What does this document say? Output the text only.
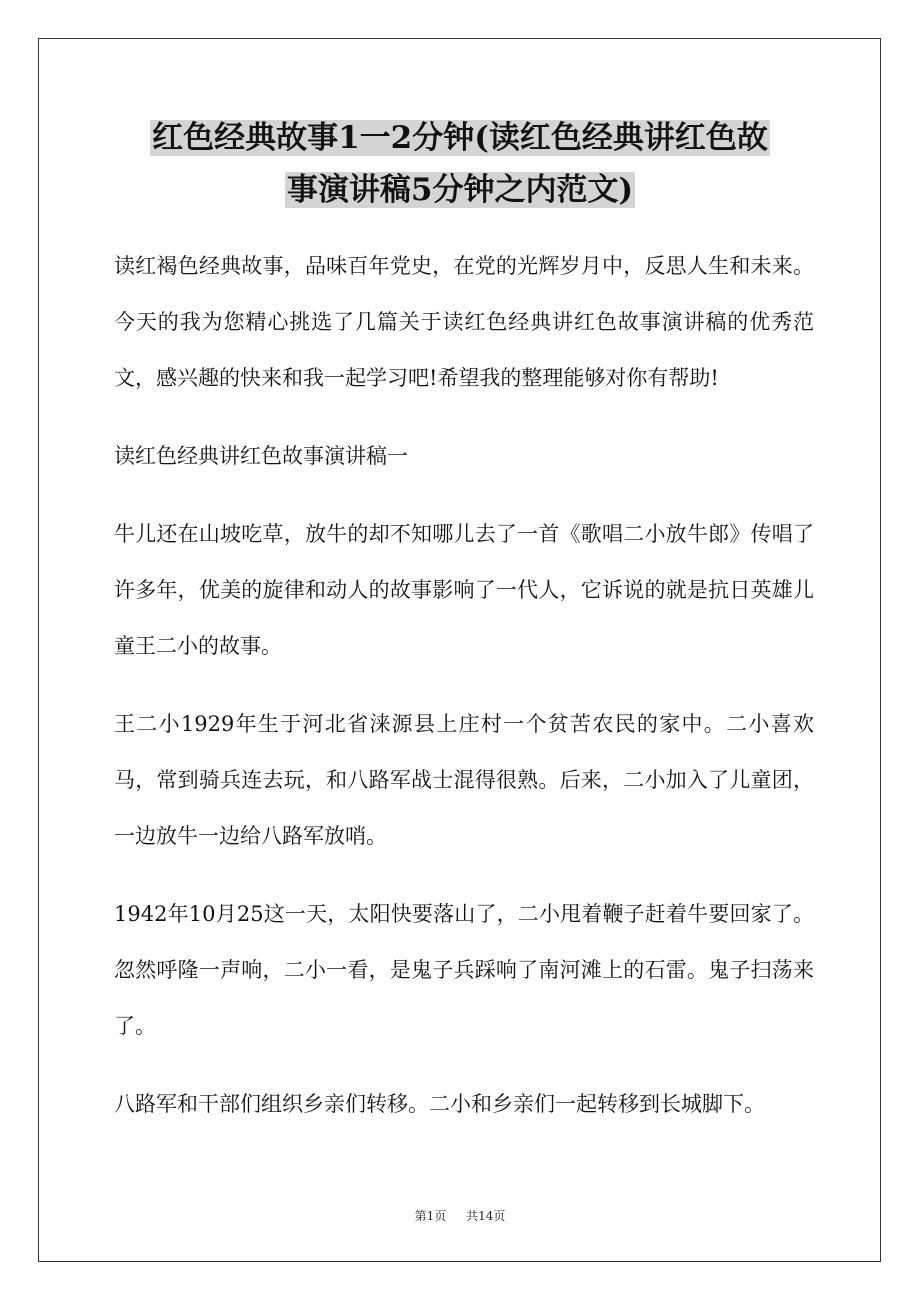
红色经典故事1一2分钟(读红色经典讲红色故
事演讲稿5分钟之内范文)

读红褐色经典故事，品味百年党史，在党的光辉岁月中，反思人生和未来。今天的我为您精心挑选了几篇关于读红色经典讲红色故事演讲稿的优秀范文，感兴趣的快来和我一起学习吧!希望我的整理能够对你有帮助!

读红色经典讲红色故事演讲稿一

牛儿还在山坡吃草，放牛的却不知哪儿去了一首《歌唱二小放牛郎》传唱了许多年，优美的旋律和动人的故事影响了一代人，它诉说的就是抗日英雄儿童王二小的故事。

王二小1929年生于河北省涞源县上庄村一个贫苦农民的家中。二小喜欢马，常到骑兵连去玩，和八路军战士混得很熟。后来，二小加入了儿童团，一边放牛一边给八路军放哨。

1942年10月25这一天，太阳快要落山了，二小甩着鞭子赶着牛要回家了。忽然呼隆一声响，二小一看，是鬼子兵踩响了南河滩上的石雷。鬼子扫荡来了。

八路军和干部们组织乡亲们转移。二小和乡亲们一起转移到长城脚下。

第1页 共14页
